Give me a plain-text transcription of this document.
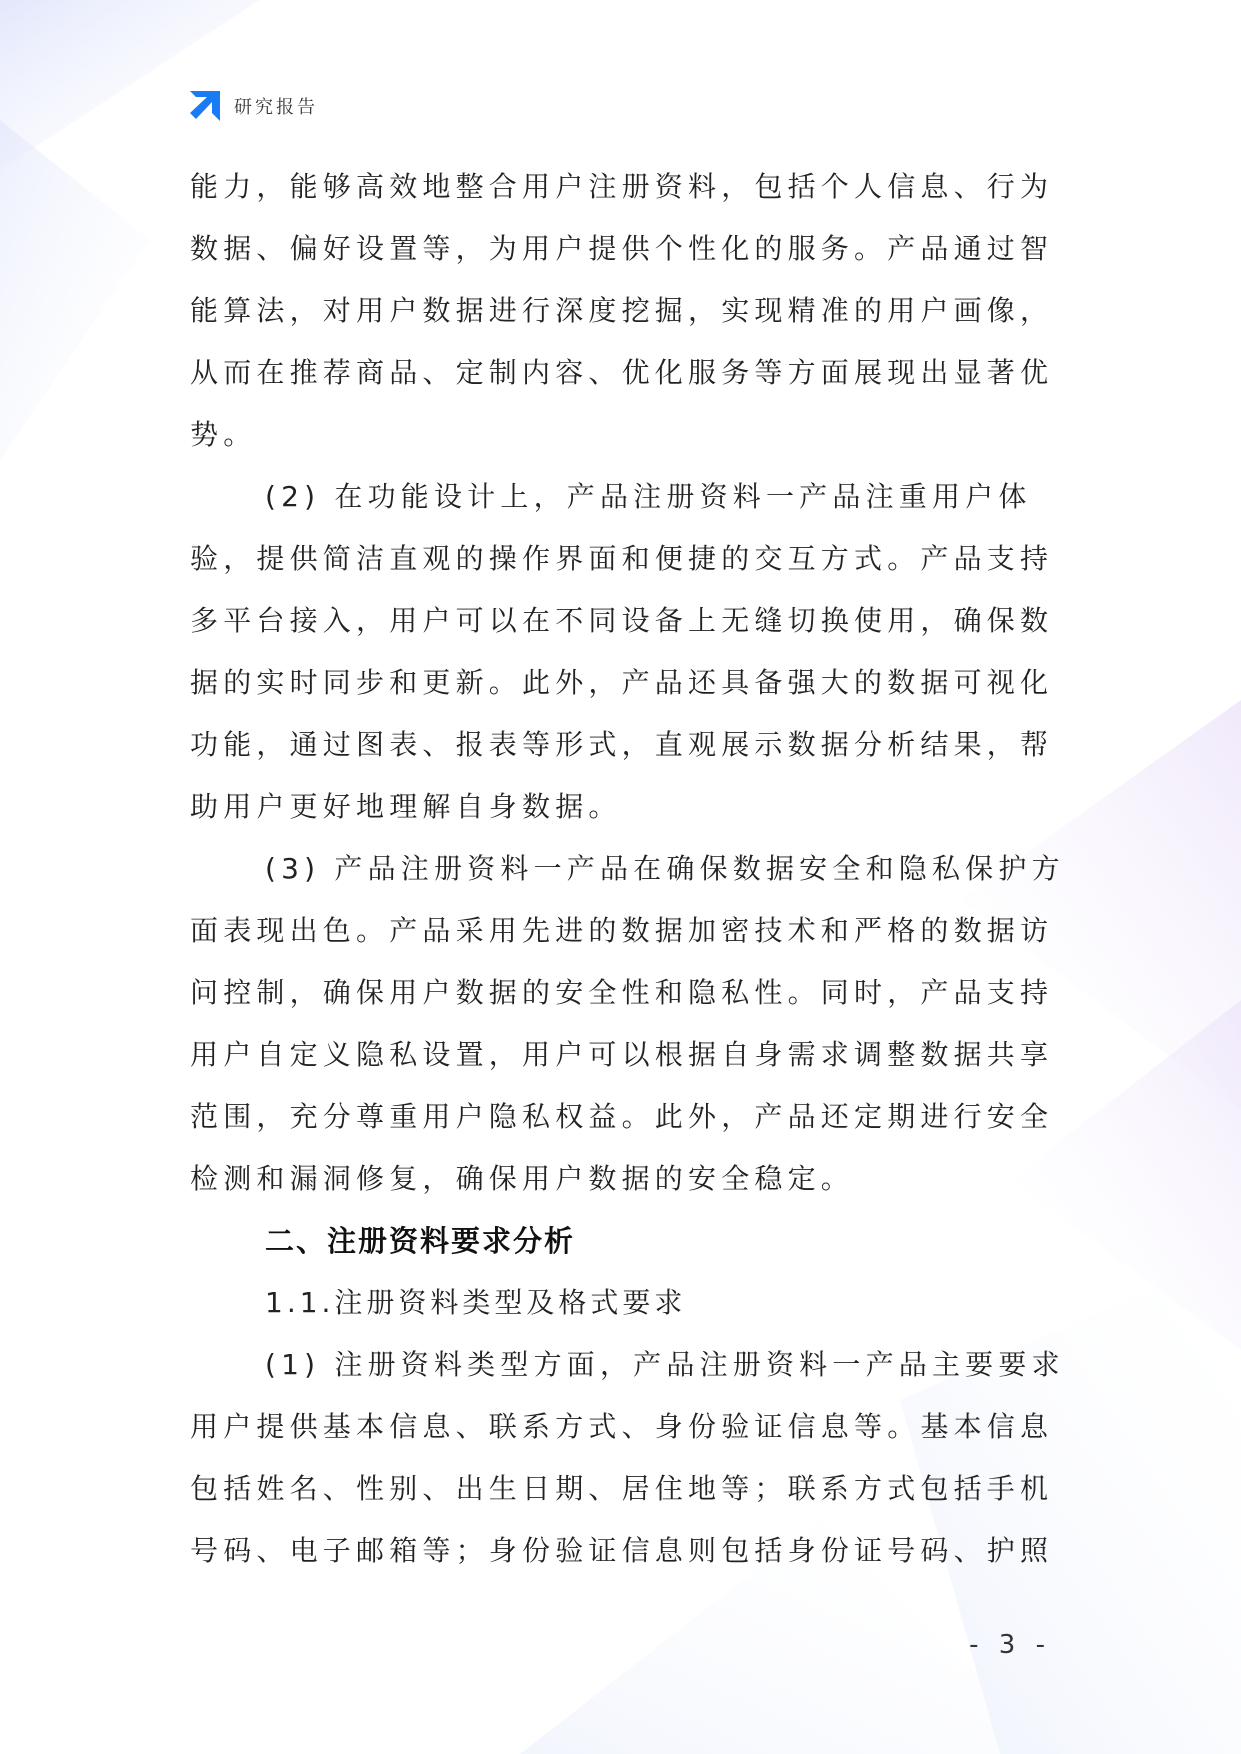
研究报告

能力，能够高效地整合用户注册资料，包括个人信息、行为数据、偏好设置等，为用户提供个性化的服务。产品通过智能算法，对用户数据进行深度挖掘，实现精准的用户画像，从而在推荐商品、定制内容、优化服务等方面展现出显著优势。

(2) 在功能设计上，产品注册资料一产品注重用户体验，提供简洁直观的操作界面和便捷的交互方式。产品支持多平台接入，用户可以在不同设备上无缝切换使用，确保数据的实时同步和更新。此外，产品还具备强大的数据可视化功能，通过图表、报表等形式，直观展示数据分析结果，帮助用户更好地理解自身数据。

(3) 产品注册资料一产品在确保数据安全和隐私保护方面表现出色。产品采用先进的数据加密技术和严格的数据访问控制，确保用户数据的安全性和隐私性。同时，产品支持用户自定义隐私设置，用户可以根据自身需求调整数据共享范围，充分尊重用户隐私权益。此外，产品还定期进行安全检测和漏洞修复，确保用户数据的安全稳定。

二、注册资料要求分析

1.1.注册资料类型及格式要求

(1) 注册资料类型方面，产品注册资料一产品主要要求用户提供基本信息、联系方式、身份验证信息等。基本信息包括姓名、性别、出生日期、居住地等；联系方式包括手机号码、电子邮箱等；身份验证信息则包括身份证号码、护照

- 3 -
